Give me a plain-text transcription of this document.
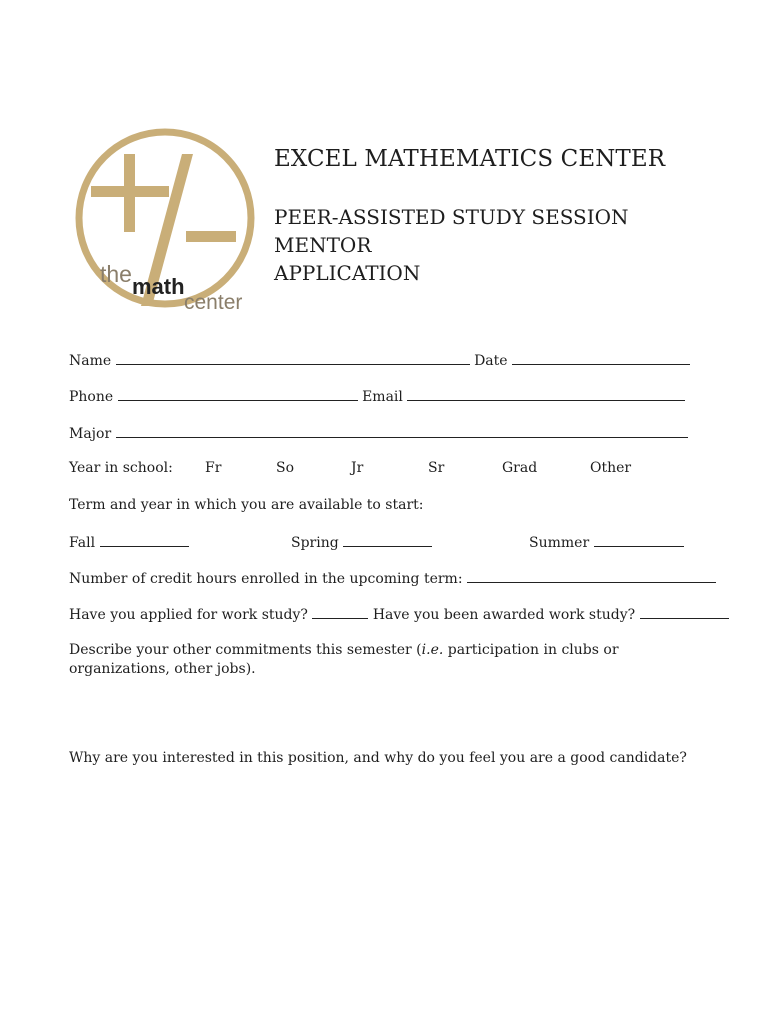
the math
center
EXCEL MATHEMATICS CENTER
PEER-ASSISTED STUDY SESSION
MENTOR
APPLICATION
Name	Date
Phone	Email
Major
Year in school: Fr	So	Jr	Sr	Grad	Other
Term and year in which you are available to start:
Fall	Spring	Summer
Number of credit hours enrolled in the upcoming term:
Have you applied for work study?	Have you been awarded work study?
Describe your other commitments this semester (i.e. participation in clubs or organizations, other jobs).
Why are you interested in this position, and why do you feel you are a good candidate?
